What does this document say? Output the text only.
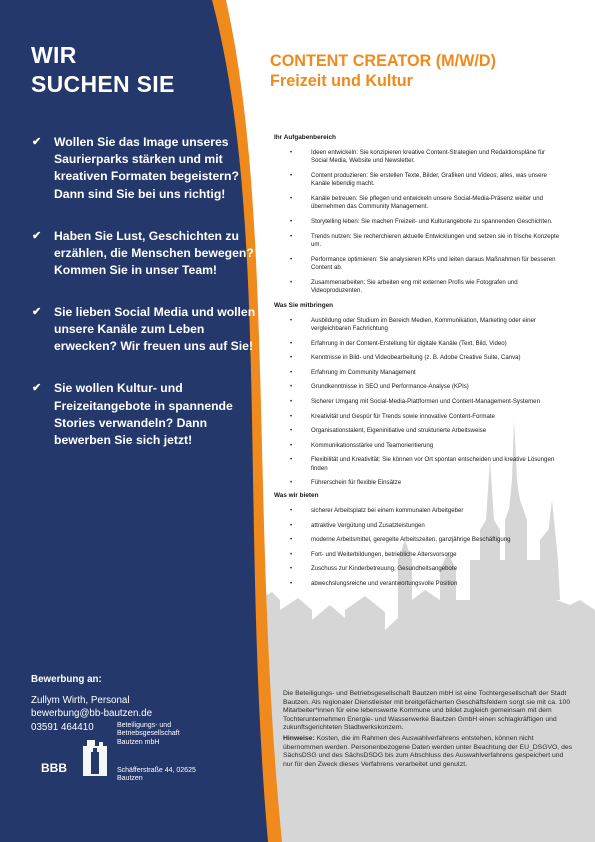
WIR
SUCHEN SIE
✔ Wollen Sie das Image unseres Saurierparks stärken und mit kreativen Formaten begeistern? Dann sind Sie bei uns richtig!
✔ Haben Sie Lust, Geschichten zu erzählen, die Menschen bewegen? Kommen Sie in unser Team!
✔ Sie lieben Social Media und wollen unsere Kanäle zum Leben erwecken? Wir freuen uns auf Sie!
✔ Sie wollen Kultur- und Freizeitangebote in spannende Stories verwandeln? Dann bewerben Sie sich jetzt!
Bewerbung an:
Zullym Wirth, Personal
bewerbung@bb-bautzen.de
03591 464410
BBB
Beteiligungs- und
Betriebsgesellschaft
Bautzen mbH
Schäfferstraße 44, 02625
Bautzen
CONTENT CREATOR (M/W/D)
Freizeit und Kultur
Ihr Aufgabenbereich
•	Ideen entwickeln: Sie konzipieren kreative Content-Strategien und Redaktionspläne für Social Media, Website und Newsletter.
•	Content produzieren: Sie erstellen Texte, Bilder, Grafiken und Videos, alles, was unsere Kanäle lebendig macht.
•	Kanäle betreuen: Sie pflegen und entwickeln unsere Social-Media-Präsenz weiter und übernehmen das Community Management.
•	Storytelling leben: Sie machen Freizeit- und Kulturangebote zu spannenden Geschichten.
•	Trends nutzen: Sie recherchieren aktuelle Entwicklungen und setzen sie in frische Konzepte um.
•	Performance optimieren: Sie analysieren KPIs und leiten daraus Maßnahmen für besseren Content ab.
•	Zusammenarbeiten: Sie arbeiten eng mit externen Profis wie Fotografen und Videoproduzenten.
Was Sie mitbringen
•	Ausbildung oder Studium im Bereich Medien, Kommunikation, Marketing oder einer vergleichbaren Fachrichtung
•	Erfahrung in der Content-Erstellung für digitale Kanäle (Text, Bild, Video)
•	Kenntnisse in Bild- und Videobearbeitung (z. B. Adobe Creative Suite, Canva)
•	Erfahrung im Community Management
•	Grundkenntnisse in SEO und Performance-Analyse (KPIs)
•	Sicherer Umgang mit Social-Media-Plattformen und Content-Management-Systemen
•	Kreativität und Gespür für Trends sowie innovative Content-Formate
•	Organisationstalent, Eigeninitiative und strukturierte Arbeitsweise
•	Kommunikationsstärke und Teamorientierung
•	Flexibilität und Kreativität: Sie können vor Ort spontan entscheiden und kreative Lösungen finden
•	Führerschein für flexible Einsätze
Was wir bieten
•	sicherer Arbeitsplatz bei einem kommunalen Arbeitgeber
•	attraktive Vergütung und Zusatzleistungen
•	moderne Arbeitsmittel, geregelte Arbeitszeiten, ganzjährige Beschäftigung
•	Fort- und Weiterbildungen, betriebliche Altersvorsorge
•	Zuschuss zur Kinderbetreuung, Gesundheitsangebote
•	abwechslungsreiche und verantwortungsvolle Position

Die Beteiligungs- und Betriebsgesellschaft Bautzen mbH ist eine Tochtergesellschaft der Stadt Bautzen. Als regionaler Dienstleister mit breitgefächerten Geschäftsfeldern sorgt sie mit ca. 100 Mitarbeiter*innen für eine lebenswerte Kommune und bildet zugleich gemeinsam mit dem Tochterunternehmen Energie- und Wasserwerke Bautzen GmbH einen schlagkräftigen und zukunftsgerichteten Stadtwerkskonzern.

Hinweise: Kosten, die im Rahmen des Auswahlverfahrens entstehen, können nicht übernommen werden. Personenbezogene Daten werden unter Beachtung der EU_DSGVO, des SächsDSG und des SächsDSDG bis zum Abschluss des Auswahlverfahrens gespeichert und nur für den Zweck dieses Verfahrens verarbeitet und genutzt.
